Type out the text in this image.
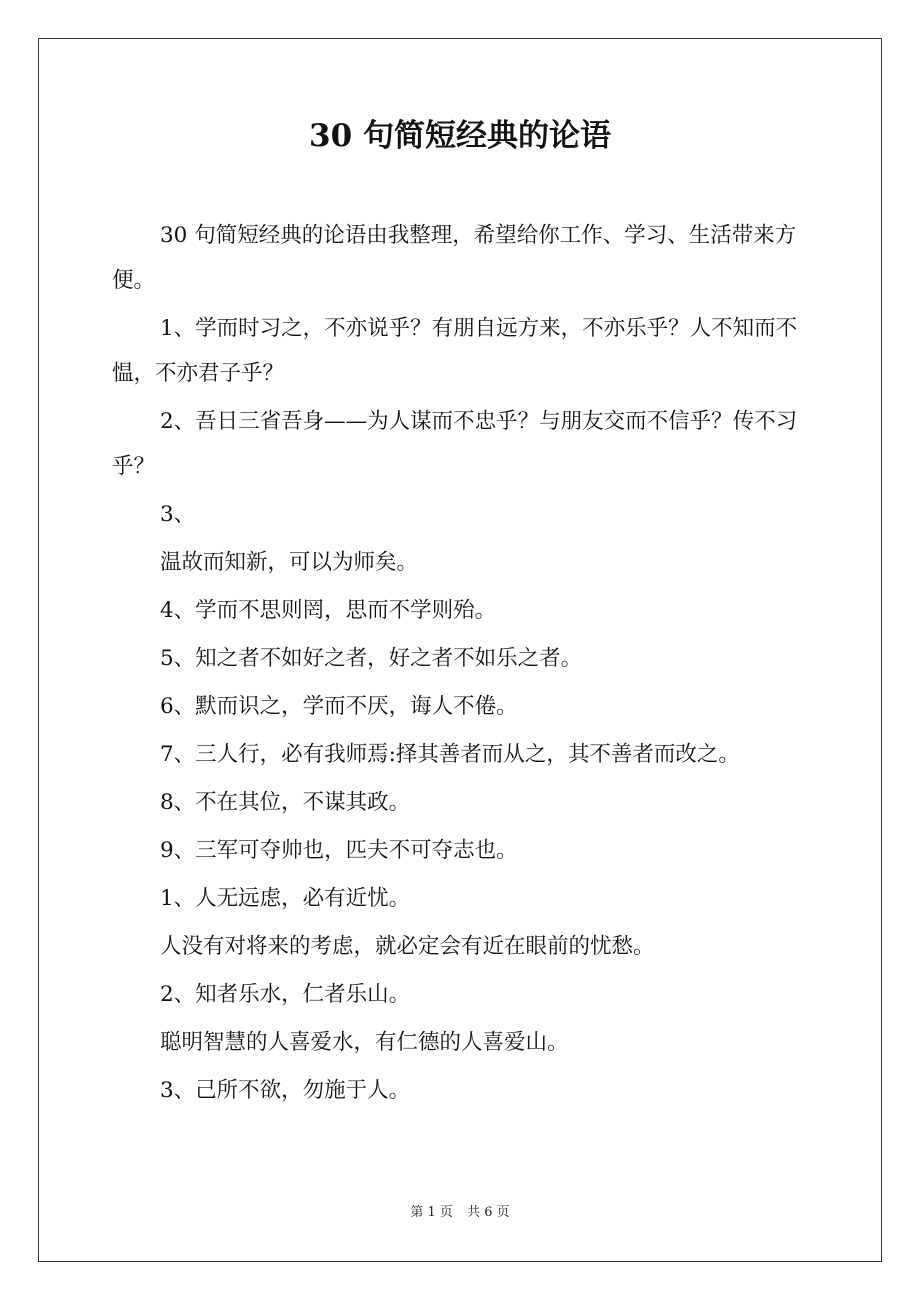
30 句简短经典的论语

30 句简短经典的论语由我整理，希望给你工作、学习、生活带来方便。

1、学而时习之，不亦说乎？有朋自远方来，不亦乐乎？人不知而不愠，不亦君子乎？

2、吾日三省吾身——为人谋而不忠乎？与朋友交而不信乎？传不习乎？

3、

温故而知新，可以为师矣。

4、学而不思则罔，思而不学则殆。

5、知之者不如好之者，好之者不如乐之者。

6、默而识之，学而不厌，诲人不倦。

7、三人行，必有我师焉:择其善者而从之，其不善者而改之。

8、不在其位，不谋其政。

9、三军可夺帅也，匹夫不可夺志也。

1、人无远虑，必有近忧。

人没有对将来的考虑，就必定会有近在眼前的忧愁。

2、知者乐水，仁者乐山。

聪明智慧的人喜爱水，有仁德的人喜爱山。

3、己所不欲，勿施于人。

第 1 页 共 6 页
